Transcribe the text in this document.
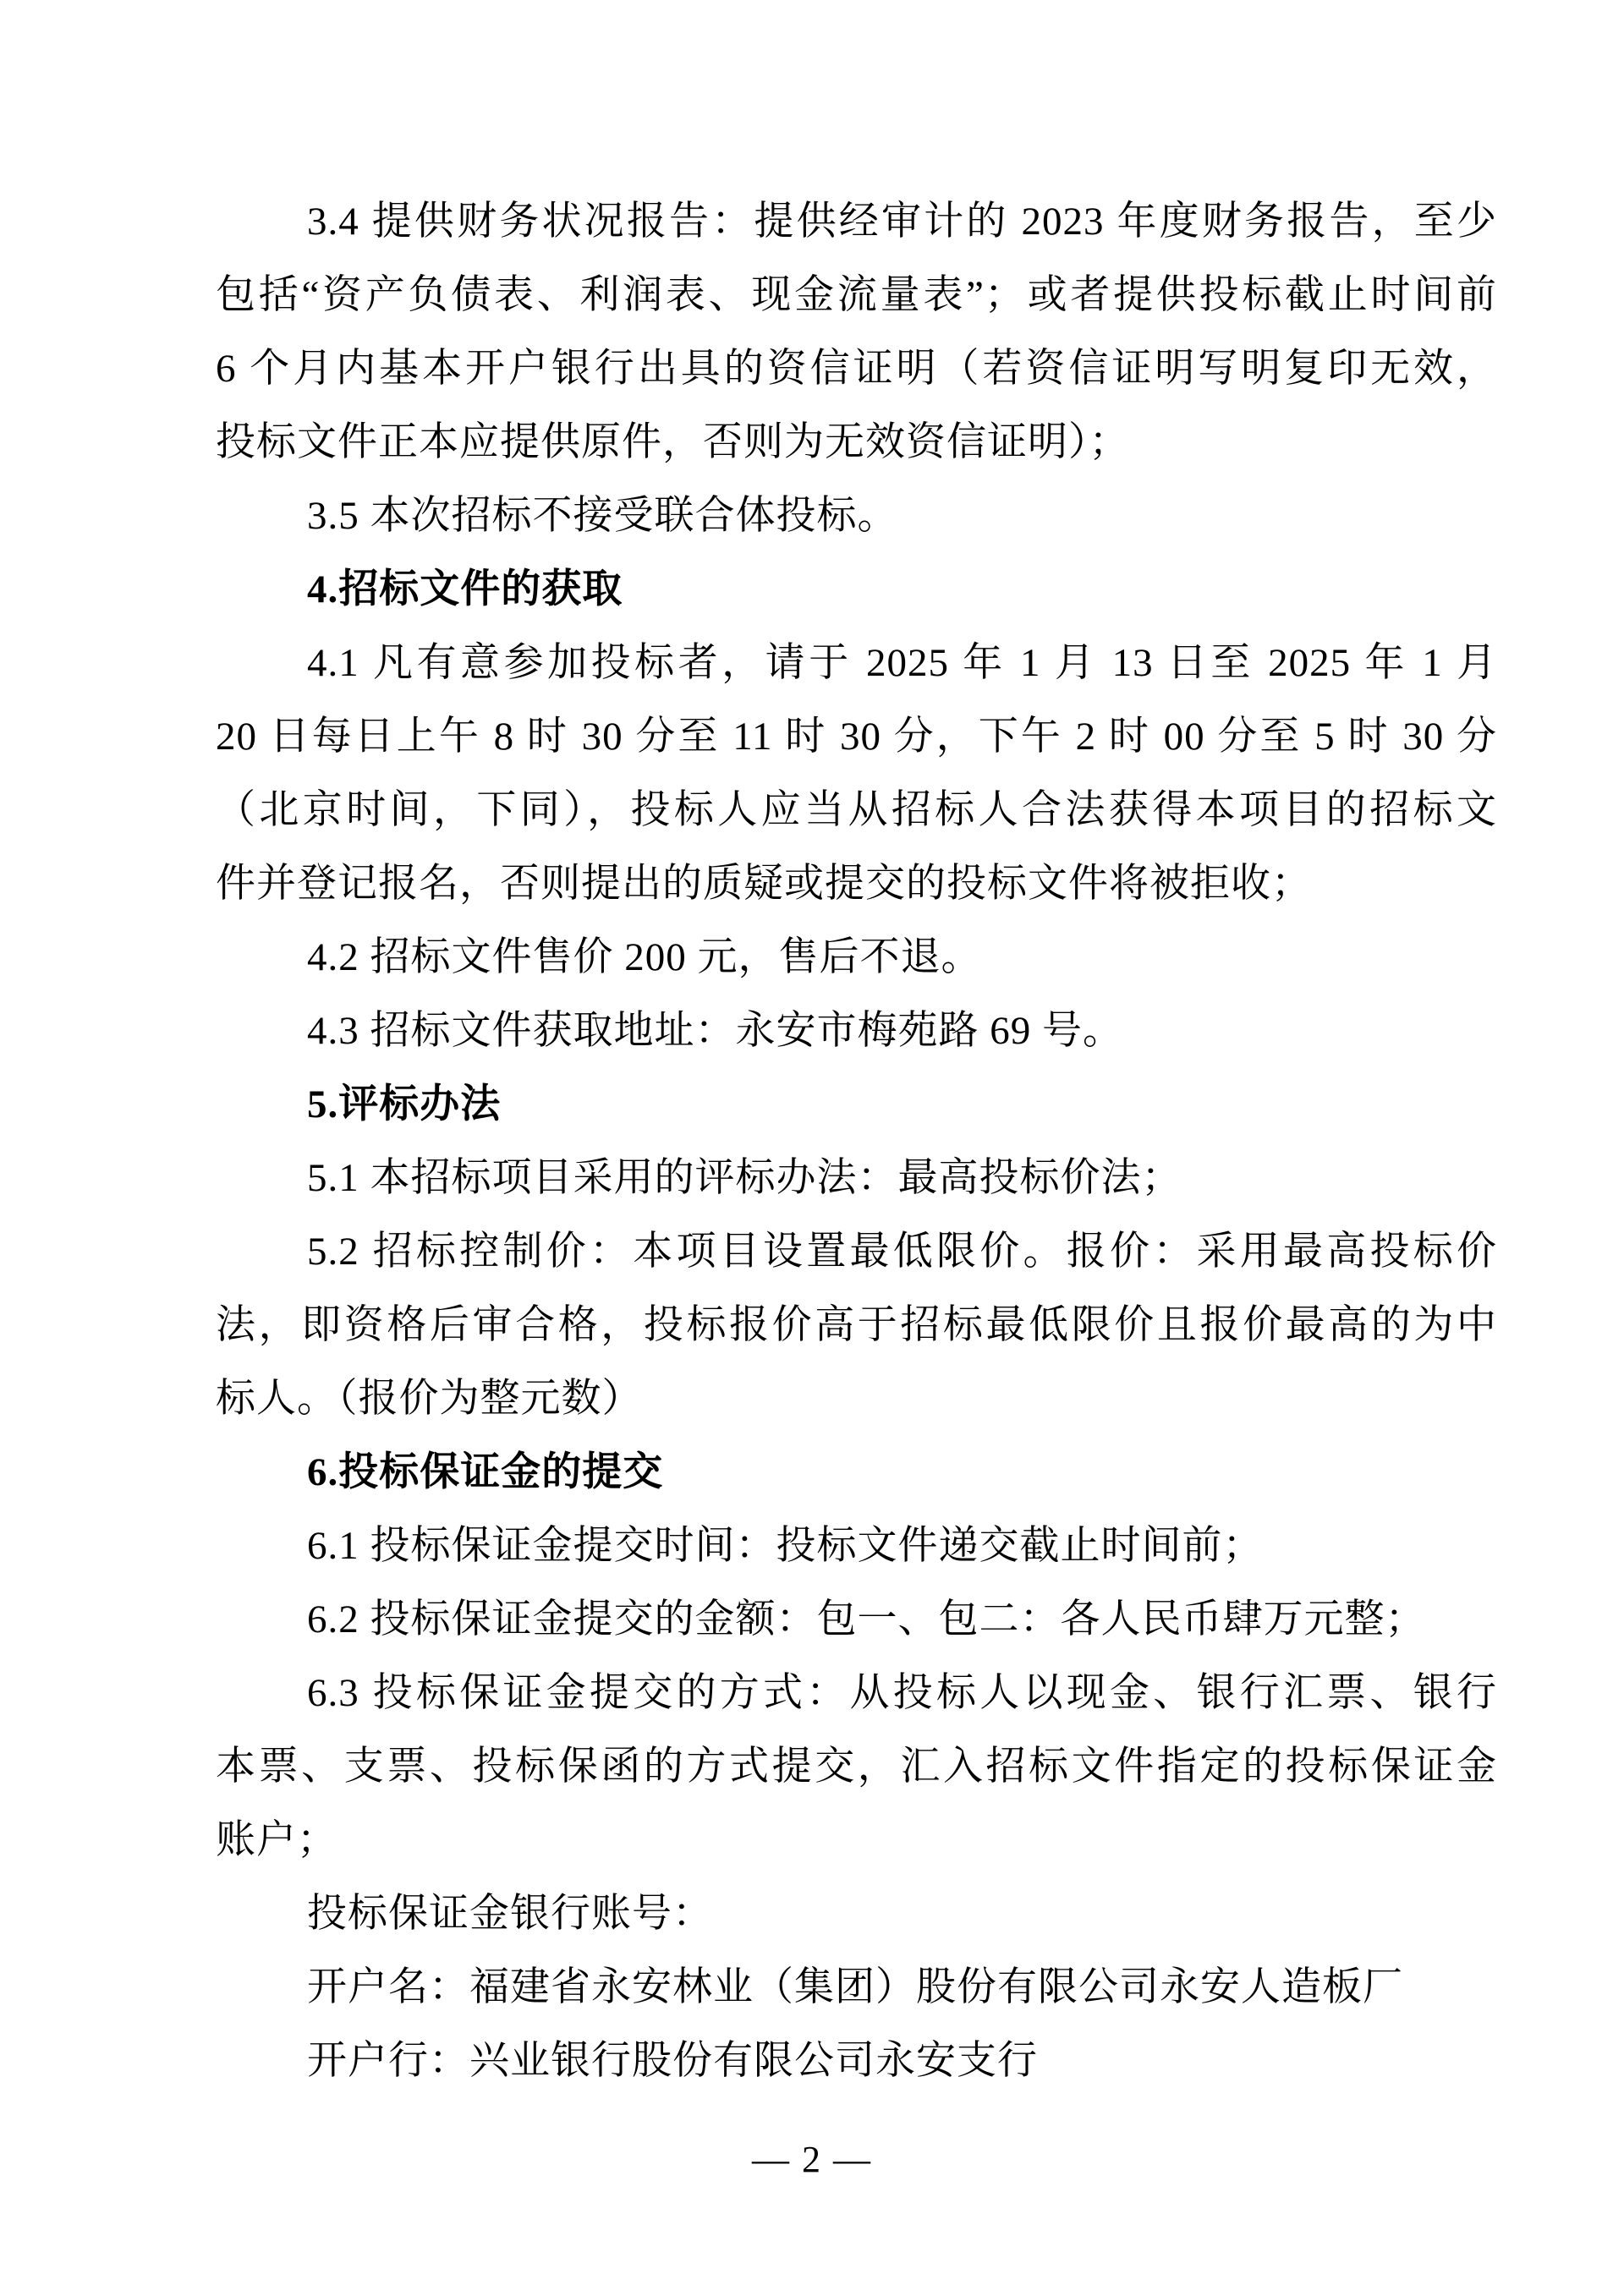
3.4 提供财务状况报告：提供经审计的 2023 年度财务报告，至少
包括“资产负债表、利润表、现金流量表”；或者提供投标截止时间前
6 个月内基本开户银行出具的资信证明（若资信证明写明复印无效，
投标文件正本应提供原件，否则为无效资信证明）；
3.5 本次招标不接受联合体投标。
4.招标文件的获取
4.1 凡有意参加投标者，请于 2025 年 1 月 13 日至 2025 年 1 月
20 日每日上午 8 时 30 分至 11 时 30 分，下午 2 时 00 分至 5 时 30 分
（北京时间，下同），投标人应当从招标人合法获得本项目的招标文
件并登记报名，否则提出的质疑或提交的投标文件将被拒收；
4.2 招标文件售价 200 元，售后不退。
4.3 招标文件获取地址：永安市梅苑路 69 号。
5.评标办法
5.1 本招标项目采用的评标办法：最高投标价法；
5.2 招标控制价：本项目设置最低限价。报价：采用最高投标价
法，即资格后审合格，投标报价高于招标最低限价且报价最高的为中
标人。（报价为整元数）
6.投标保证金的提交
6.1 投标保证金提交时间：投标文件递交截止时间前；
6.2 投标保证金提交的金额：包一、包二：各人民币肆万元整；
6.3 投标保证金提交的方式：从投标人以现金、银行汇票、银行
本票、支票、投标保函的方式提交，汇入招标文件指定的投标保证金
账户；
投标保证金银行账号：
开户名：福建省永安林业（集团）股份有限公司永安人造板厂
开户行：兴业银行股份有限公司永安支行
— 2 —
